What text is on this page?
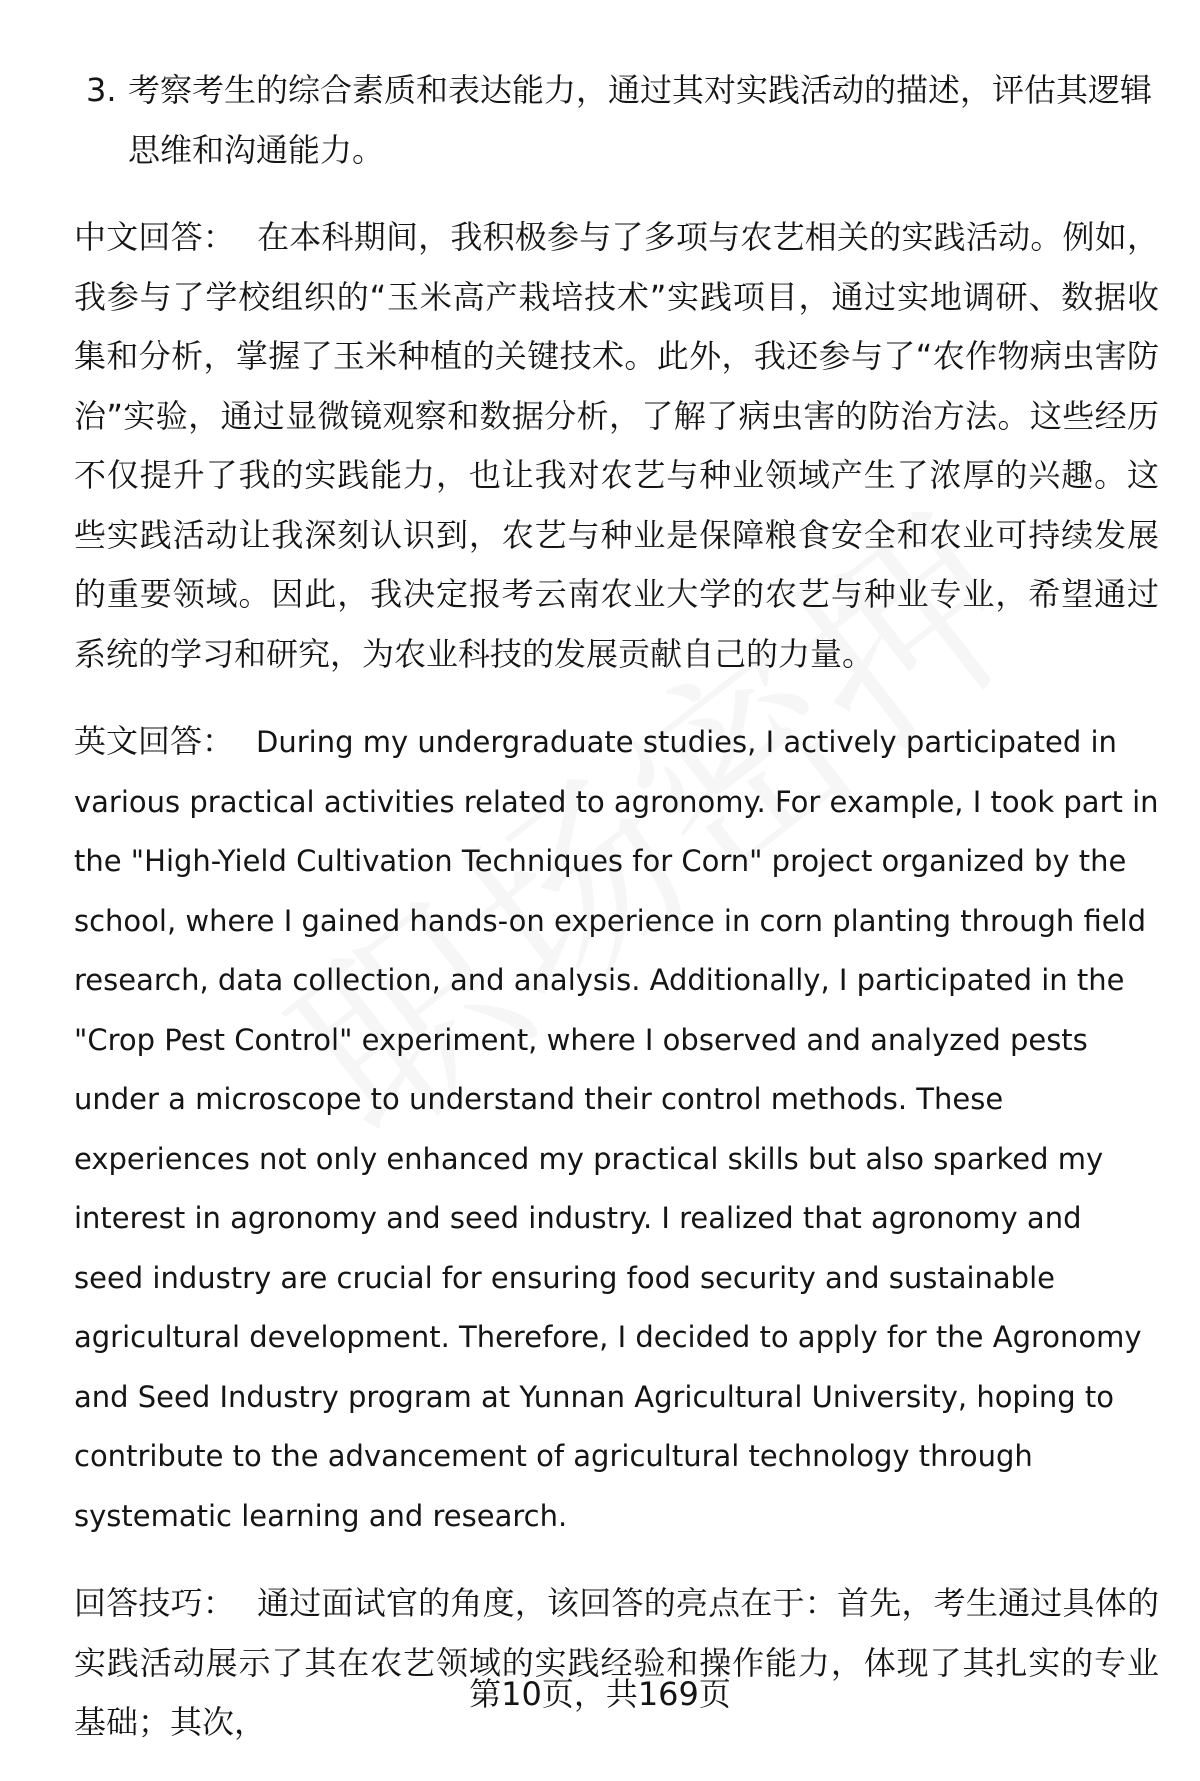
3. 考察考生的综合素质和表达能力，通过其对实践活动的描述，评估其逻辑思维和沟通能力。

中文回答： 在本科期间，我积极参与了多项与农艺相关的实践活动。例如，我参与了学校组织的“玉米高产栽培技术”实践项目，通过实地调研、数据收集和分析，掌握了玉米种植的关键技术。此外，我还参与了“农作物病虫害防治”实验，通过显微镜观察和数据分析，了解了病虫害的防治方法。这些经历不仅提升了我的实践能力，也让我对农艺与种业领域产生了浓厚的兴趣。这些实践活动让我深刻认识到，农艺与种业是保障粮食安全和农业可持续发展的重要领域。因此，我决定报考云南农业大学的农艺与种业专业，希望通过系统的学习和研究，为农业科技的发展贡献自己的力量。

英文回答： During my undergraduate studies, I actively participated in various practical activities related to agronomy. For example, I took part in the "High-Yield Cultivation Techniques for Corn" project organized by the school, where I gained hands-on experience in corn planting through field research, data collection, and analysis. Additionally, I participated in the "Crop Pest Control" experiment, where I observed and analyzed pests under a microscope to understand their control methods. These experiences not only enhanced my practical skills but also sparked my interest in agronomy and seed industry. I realized that agronomy and seed industry are crucial for ensuring food security and sustainable agricultural development. Therefore, I decided to apply for the Agronomy and Seed Industry program at Yunnan Agricultural University, hoping to contribute to the advancement of agricultural technology through systematic learning and research.

回答技巧： 通过面试官的角度，该回答的亮点在于：首先，考生通过具体的实践活动展示了其在农艺领域的实践经验和操作能力，体现了其扎实的专业基础；其次，

第10页，共169页
